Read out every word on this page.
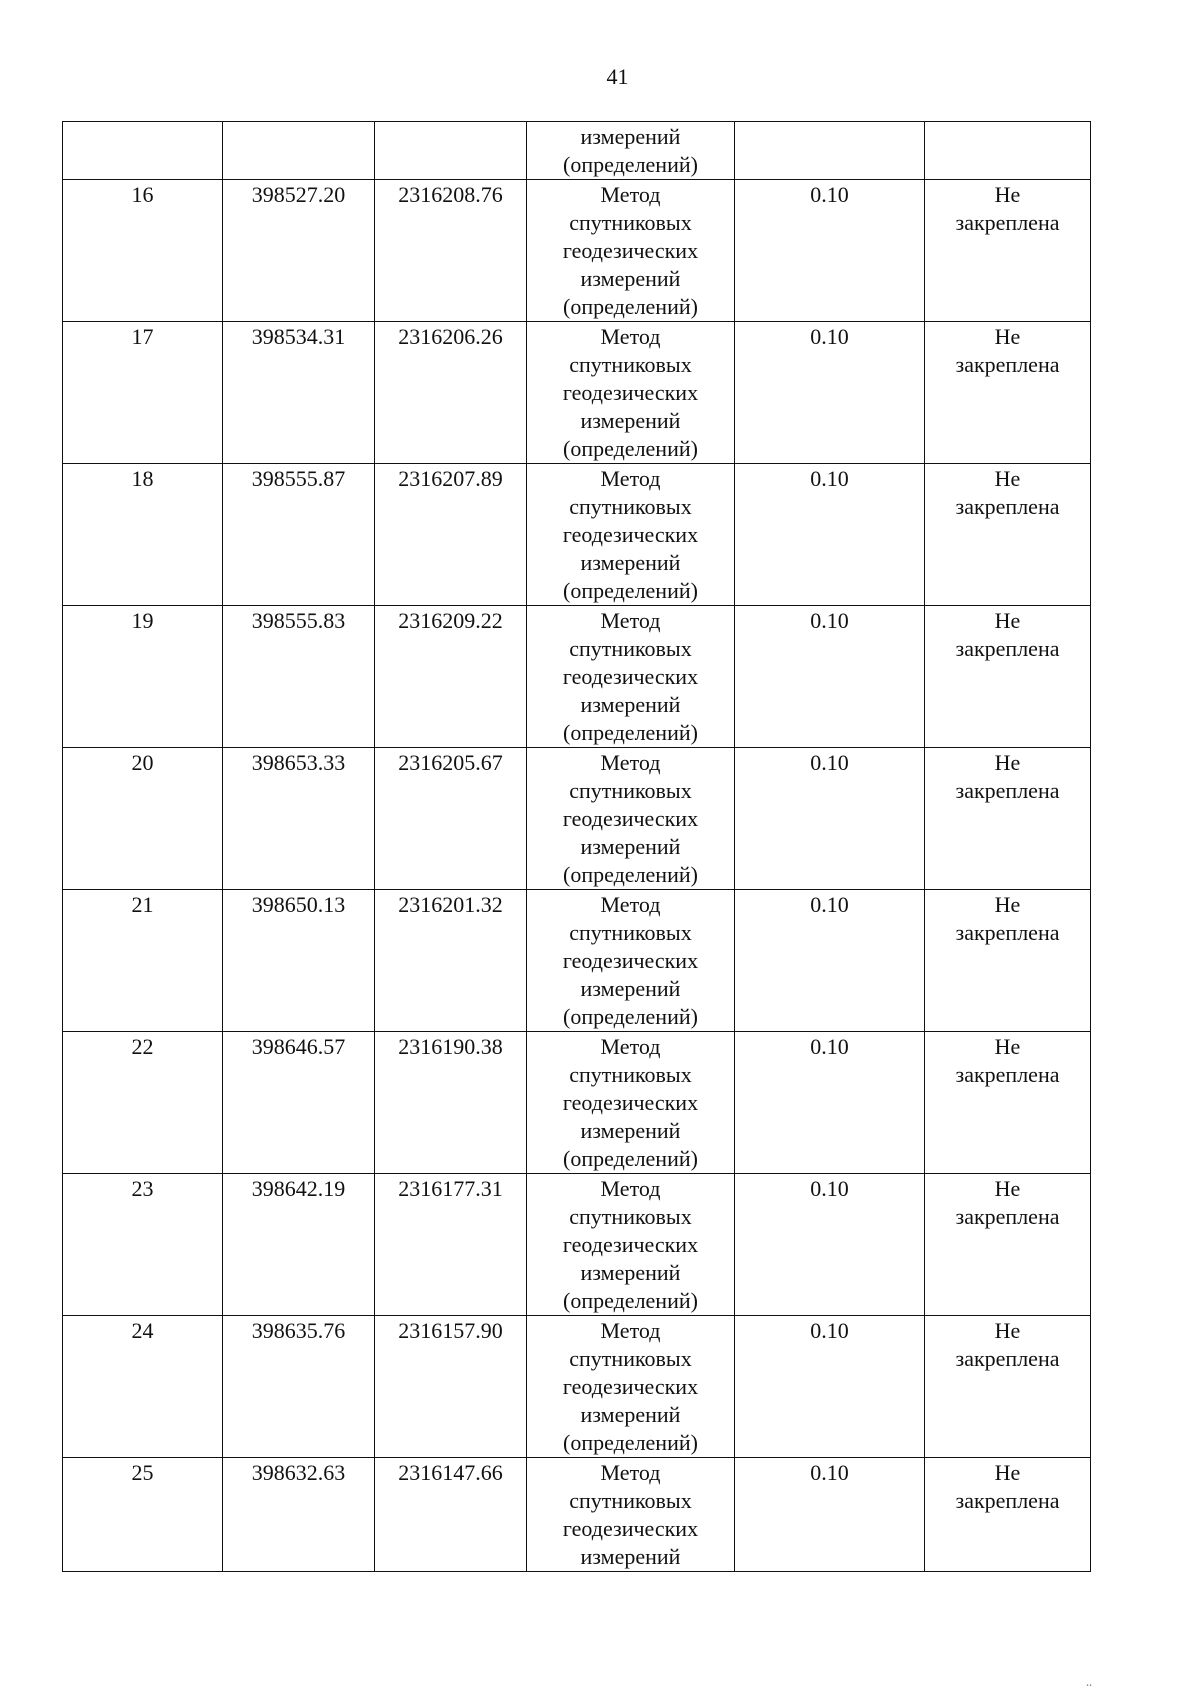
41

			измерений
(определений)		

16	398527.20	2316208.76	Метод
спутниковых
геодезических
измерений
(определений)	0.10	Не
закреплена

17	398534.31	2316206.26	Метод
спутниковых
геодезических
измерений
(определений)	0.10	Не
закреплена

18	398555.87	2316207.89	Метод
спутниковых
геодезических
измерений
(определений)	0.10	Не
закреплена

19	398555.83	2316209.22	Метод
спутниковых
геодезических
измерений
(определений)	0.10	Не
закреплена

20	398653.33	2316205.67	Метод
спутниковых
геодезических
измерений
(определений)	0.10	Не
закреплена

21	398650.13	2316201.32	Метод
спутниковых
геодезических
измерений
(определений)	0.10	Не
закреплена

22	398646.57	2316190.38	Метод
спутниковых
геодезических
измерений
(определений)	0.10	Не
закреплена

23	398642.19	2316177.31	Метод
спутниковых
геодезических
измерений
(определений)	0.10	Не
закреплена

24	398635.76	2316157.90	Метод
спутниковых
геодезических
измерений
(определений)	0.10	Не
закреплена

25	398632.63	2316147.66	Метод
спутниковых
геодезических
измерений	0.10	Не
закреплена
∙∙
